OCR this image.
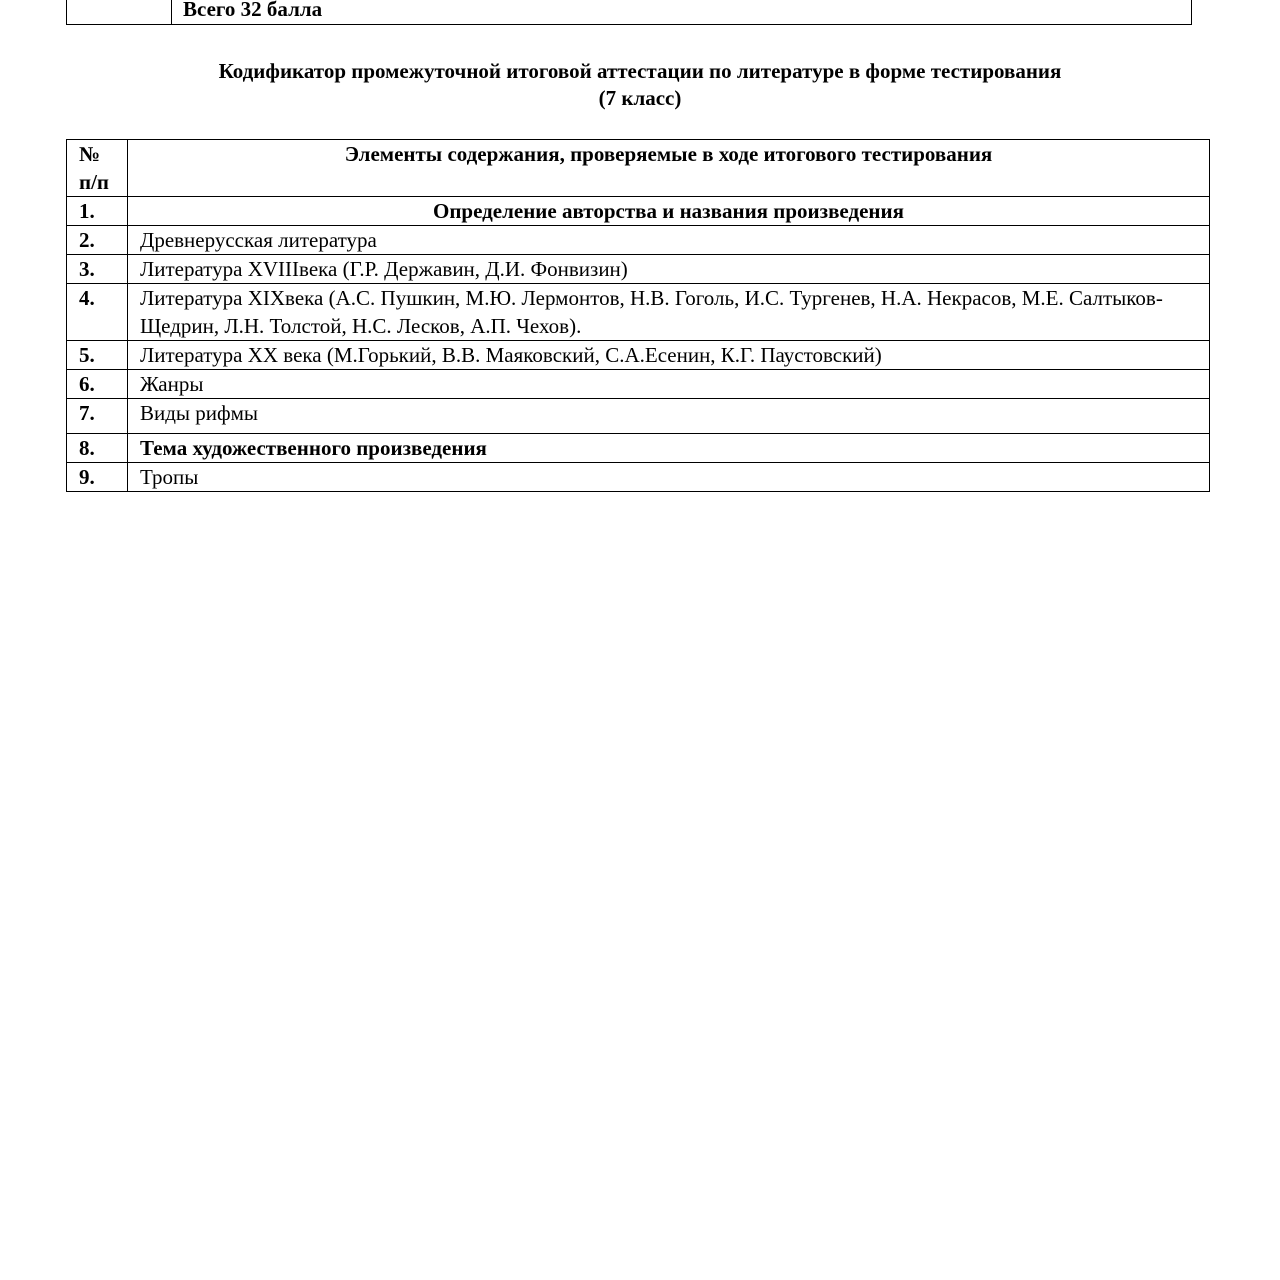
Всего 32 балла
Кодификатор промежуточной итоговой аттестации по литературе в форме тестирования
(7 класс)
№
п/п	Элементы содержания, проверяемые в ходе итогового тестирования
1.	Определение авторства и названия произведения
2.	Древнерусская литература
3.	Литература XVIIIвека (Г.Р. Державин, Д.И. Фонвизин)
4.	Литература XIXвека (А.С. Пушкин, М.Ю. Лермонтов, Н.В. Гоголь, И.С. Тургенев, Н.А. Некрасов, М.Е. Салтыков-Щедрин, Л.Н. Толстой, Н.С. Лесков, А.П. Чехов).
5.	Литература XX века (М.Горький, В.В. Маяковский, С.А.Есенин, К.Г. Паустовский)
6.	Жанры
7.	Виды рифмы
8.	Тема художественного произведения
9.	Тропы
